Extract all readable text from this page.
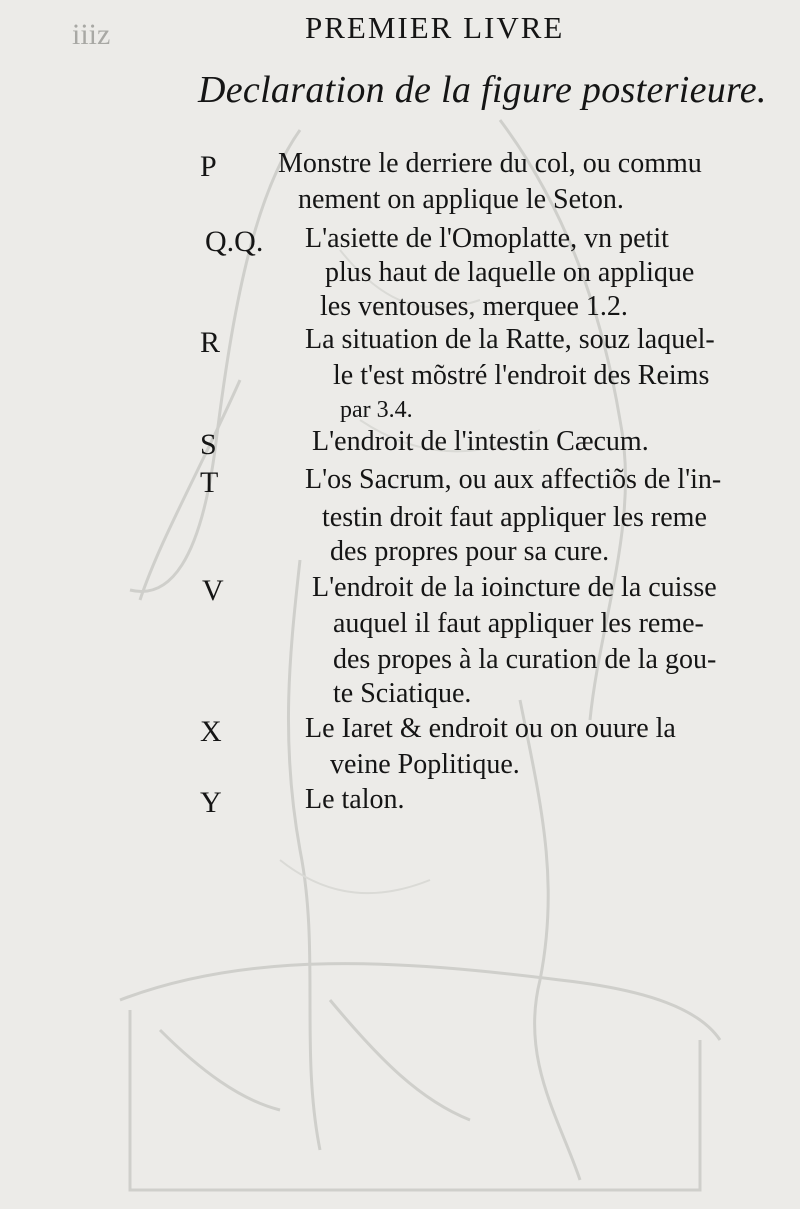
iiiz	PREMIER LIVRE
Declaration de la figure posterieure.
P Monstre le derriere du col, ou commu
nement on applique le Seton.
Q.Q. L'asiette de l'Omoplatte, vn petit
plus haut de laquelle on applique
les ventouses, merquee 1.2.
R	La situation de la Ratte, souz laquel-
le t'est mõstré l'endroit des Reims
par 3.4.
S	L'endroit de l'intestin Cæcum.
T	L'os Sacrum, ou aux affectiõs de l'in-
testin droit faut appliquer les reme
des propres pour sa cure.
V	L'endroit de la ioincture de la cuisse
auquel il faut appliquer les reme-
des propes à la curation de la gou-
te Sciatique.
X	Le Iaret & endroit ou on ouure la
veine Poplitique.
Y	Le talon.
